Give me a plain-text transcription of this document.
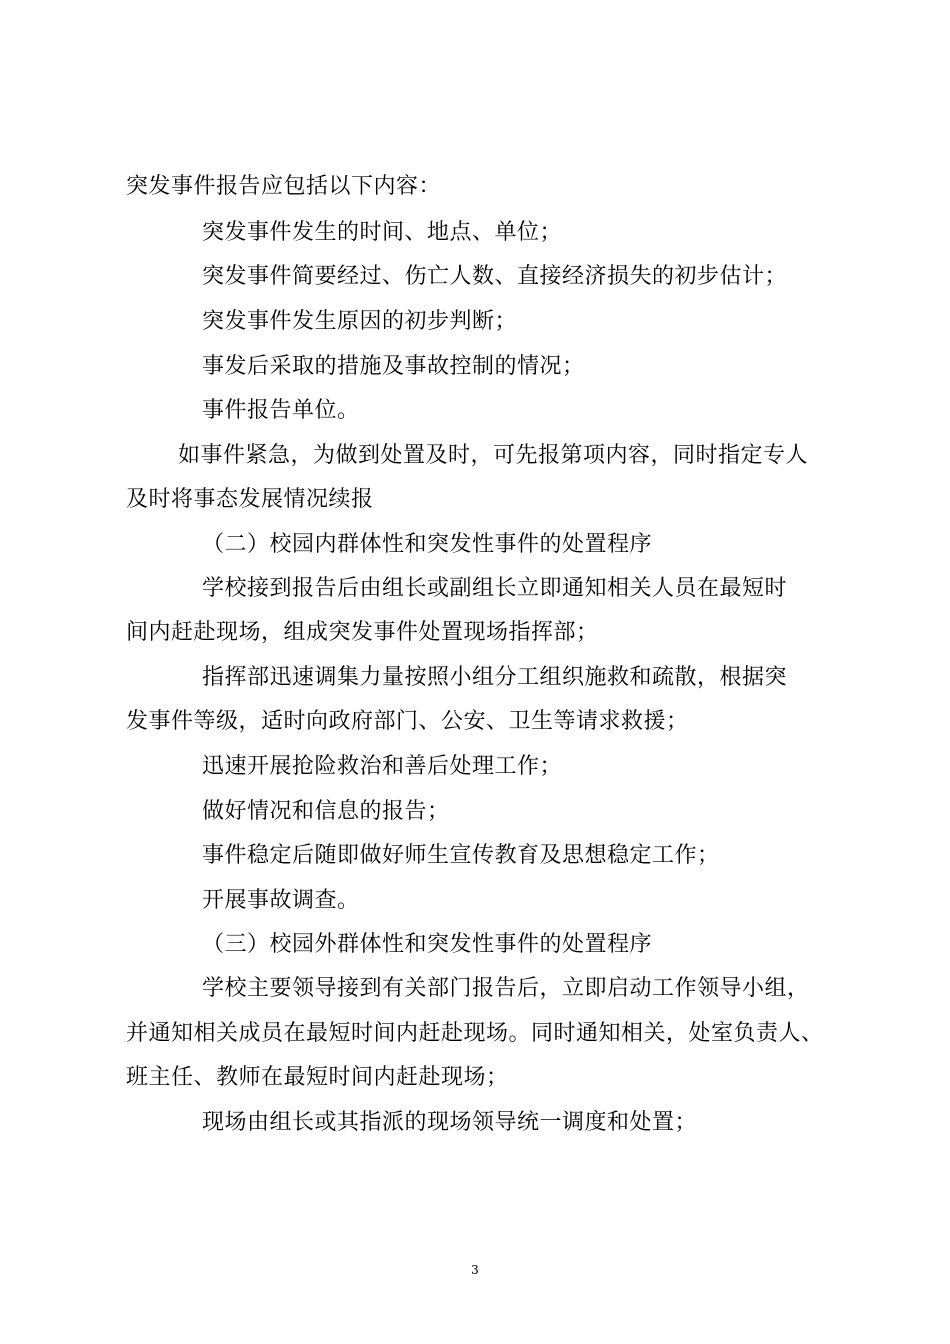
突发事件报告应包括以下内容：
突发事件发生的时间、地点、单位；
突发事件简要经过、伤亡人数、直接经济损失的初步估计；
突发事件发生原因的初步判断；
事发后采取的措施及事故控制的情况；
事件报告单位。
如事件紧急，为做到处置及时，可先报第项内容，同时指定专人
及时将事态发展情况续报
（二）校园内群体性和突发性事件的处置程序
学校接到报告后由组长或副组长立即通知相关人员在最短时
间内赶赴现场，组成突发事件处置现场指挥部；
指挥部迅速调集力量按照小组分工组织施救和疏散，根据突
发事件等级，适时向政府部门、公安、卫生等请求救援；
迅速开展抢险救治和善后处理工作；
做好情况和信息的报告；
事件稳定后随即做好师生宣传教育及思想稳定工作；
开展事故调查。
（三）校园外群体性和突发性事件的处置程序
学校主要领导接到有关部门报告后，立即启动工作领导小组，
并通知相关成员在最短时间内赶赴现场。同时通知相关，处室负责人、
班主任、教师在最短时间内赶赴现场；
现场由组长或其指派的现场领导统一调度和处置；
3
